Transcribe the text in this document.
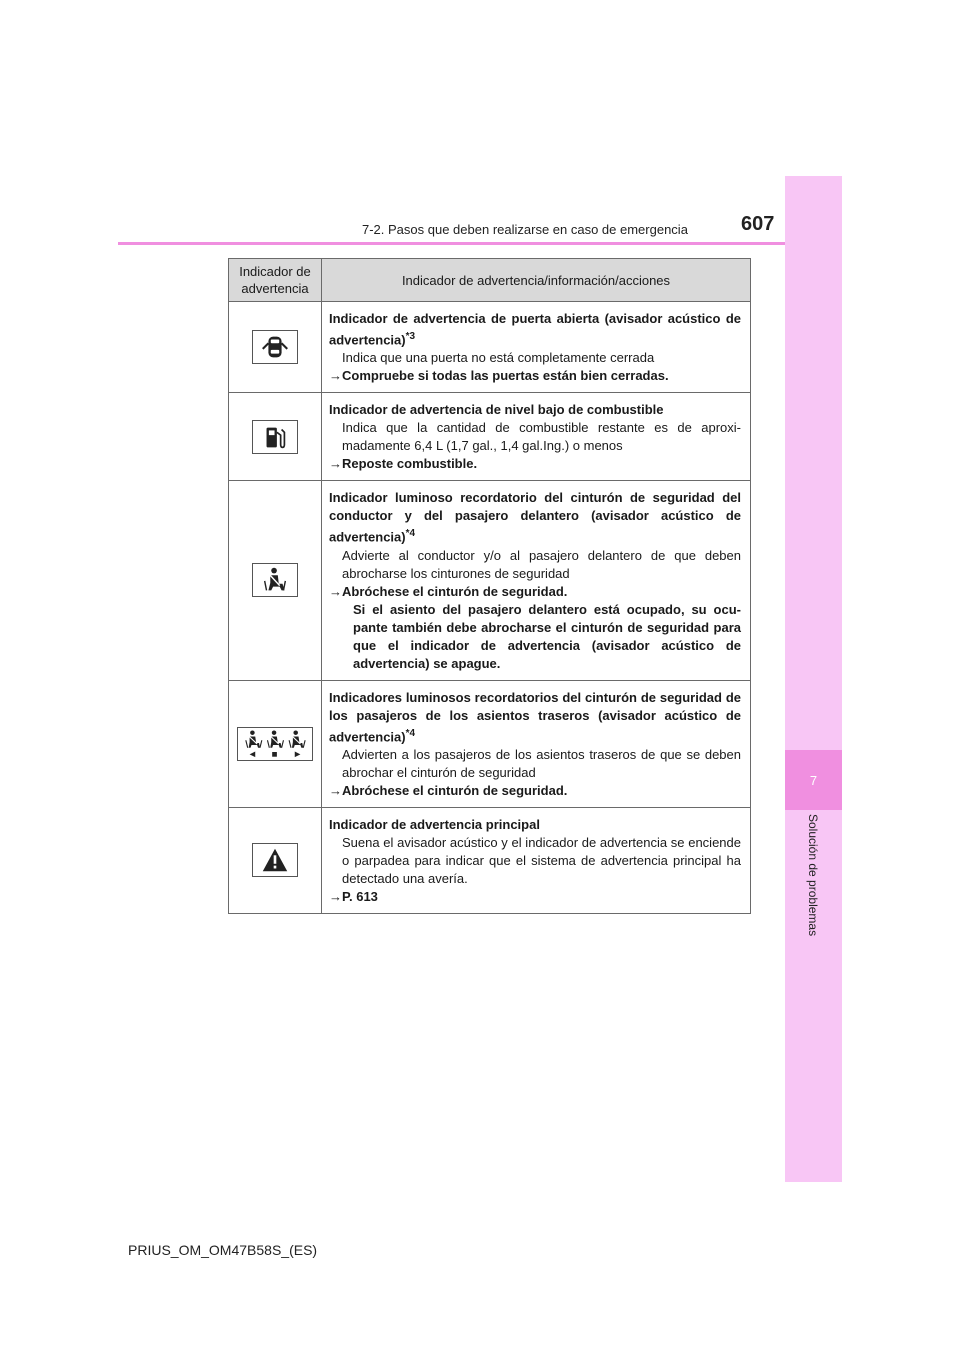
7-2. Pasos que deben realizarse en caso de emergencia	607
7
Solución de problemas
Indicador de advertencia	Indicador de advertencia/información/acciones

Indicador de advertencia de puerta abierta (avisador acústico de advertencia)$^{*3}$
Indica que una puerta no está completamente cerrada
→ Compruebe si todas las puertas están bien cerradas.

Indicador de advertencia de nivel bajo de combustible
Indica que la cantidad de combustible restante es de aproximadamente 6,4 L (1,7 gal., 1,4 gal.Ing.) o menos
→ Reposte combustible.

Indicador luminoso recordatorio del cinturón de seguridad del conductor y del pasajero delantero (avisador acústico de advertencia)$^{*4}$
Advierte al conductor y/o al pasajero delantero de que deben abrocharse los cinturones de seguridad
→ Abróchese el cinturón de seguridad.
Si el asiento del pasajero delantero está ocupado, su ocupante también debe abrocharse el cinturón de seguridad para que el indicador de advertencia (avisador acústico de advertencia) se apague.

Indicadores luminosos recordatorios del cinturón de seguridad de los pasajeros de los asientos traseros (avisador acústico de advertencia)$^{*4}$
Advierten a los pasajeros de los asientos traseros de que se deben abrochar el cinturón de seguridad
→ Abróchese el cinturón de seguridad.

Indicador de advertencia principal
Suena el avisador acústico y el indicador de advertencia se enciende o parpadea para indicar que el sistema de advertencia principal ha detectado una avería.
→ P. 613
PRIUS_OM_OM47B58S_(ES)
